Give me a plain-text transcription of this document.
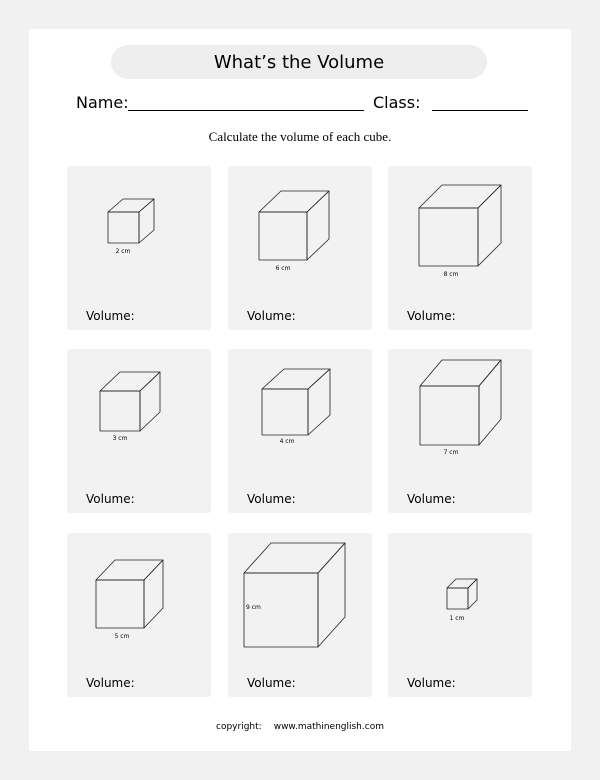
What’s the Volume
Name:	Class:
Calculate the volume of each cube.
2 cm
Volume:
6 cm
Volume:
8 cm
Volume:
3 cm
Volume:
4 cm
Volume:
7 cm
Volume:
5 cm
Volume:
9 cm
Volume:
1 cm
Volume:
copyright: www.mathinenglish.com
